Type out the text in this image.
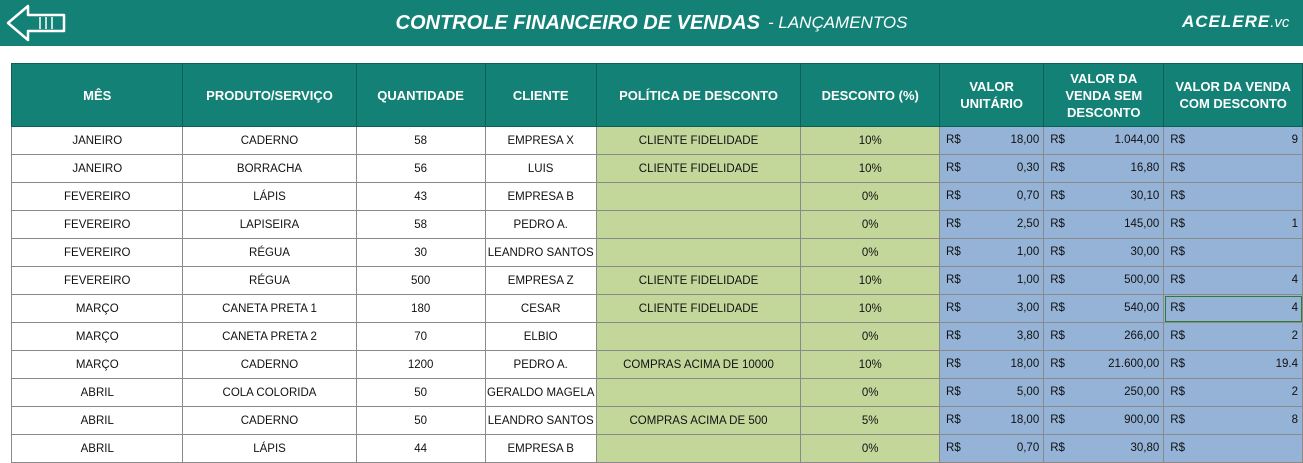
CONTROLE FINANCEIRO DE VENDAS - LANÇAMENTOS	ACELERE.vc
MÊS	PRODUTO/SERVIÇO	QUANTIDADE	CLIENTE	POLÍTICA DE DESCONTO	DESCONTO (%)	VALOR UNITÁRIO	VALOR DA VENDA SEM DESCONTO	VALOR DA VENDA COM DESCONTO
JANEIRO	CADERNO	58	EMPRESA X	CLIENTE FIDELIDADE	10%	R$ 18,00	R$ 1.044,00	R$ 9

JANEIRO	BORRACHA	56	LUIS	CLIENTE FIDELIDADE	10%	R$ 0,30	R$ 16,80	R$

FEVEREIRO	LÁPIS	43	EMPRESA B		0%	R$ 0,70	R$ 30,10	R$

FEVEREIRO	LAPISEIRA	58	PEDRO A.		0%	R$ 2,50	R$ 145,00	R$ 1

FEVEREIRO	RÉGUA	30	LEANDRO SANTOS		0%	R$ 1,00	R$ 30,00	R$

FEVEREIRO	RÉGUA	500	EMPRESA Z	CLIENTE FIDELIDADE	10%	R$ 1,00	R$ 500,00	R$ 4

MARÇO	CANETA PRETA 1	180	CESAR	CLIENTE FIDELIDADE	10%	R$ 3,00	R$ 540,00	R$ 4

MARÇO	CANETA PRETA 2	70	ELBIO		0%	R$ 3,80	R$ 266,00	R$ 2

MARÇO	CADERNO	1200	PEDRO A.	COMPRAS ACIMA DE 10000	10%	R$ 18,00	R$ 21.600,00	R$ 19.4

ABRIL	COLA COLORIDA	50	GERALDO MAGELA		0%	R$ 5,00	R$ 250,00	R$ 2

ABRIL	CADERNO	50	LEANDRO SANTOS	COMPRAS ACIMA DE 500	5%	R$ 18,00	R$ 900,00	R$ 8

ABRIL	LÁPIS	44	EMPRESA B		0%	R$ 0,70	R$ 30,80	R$
